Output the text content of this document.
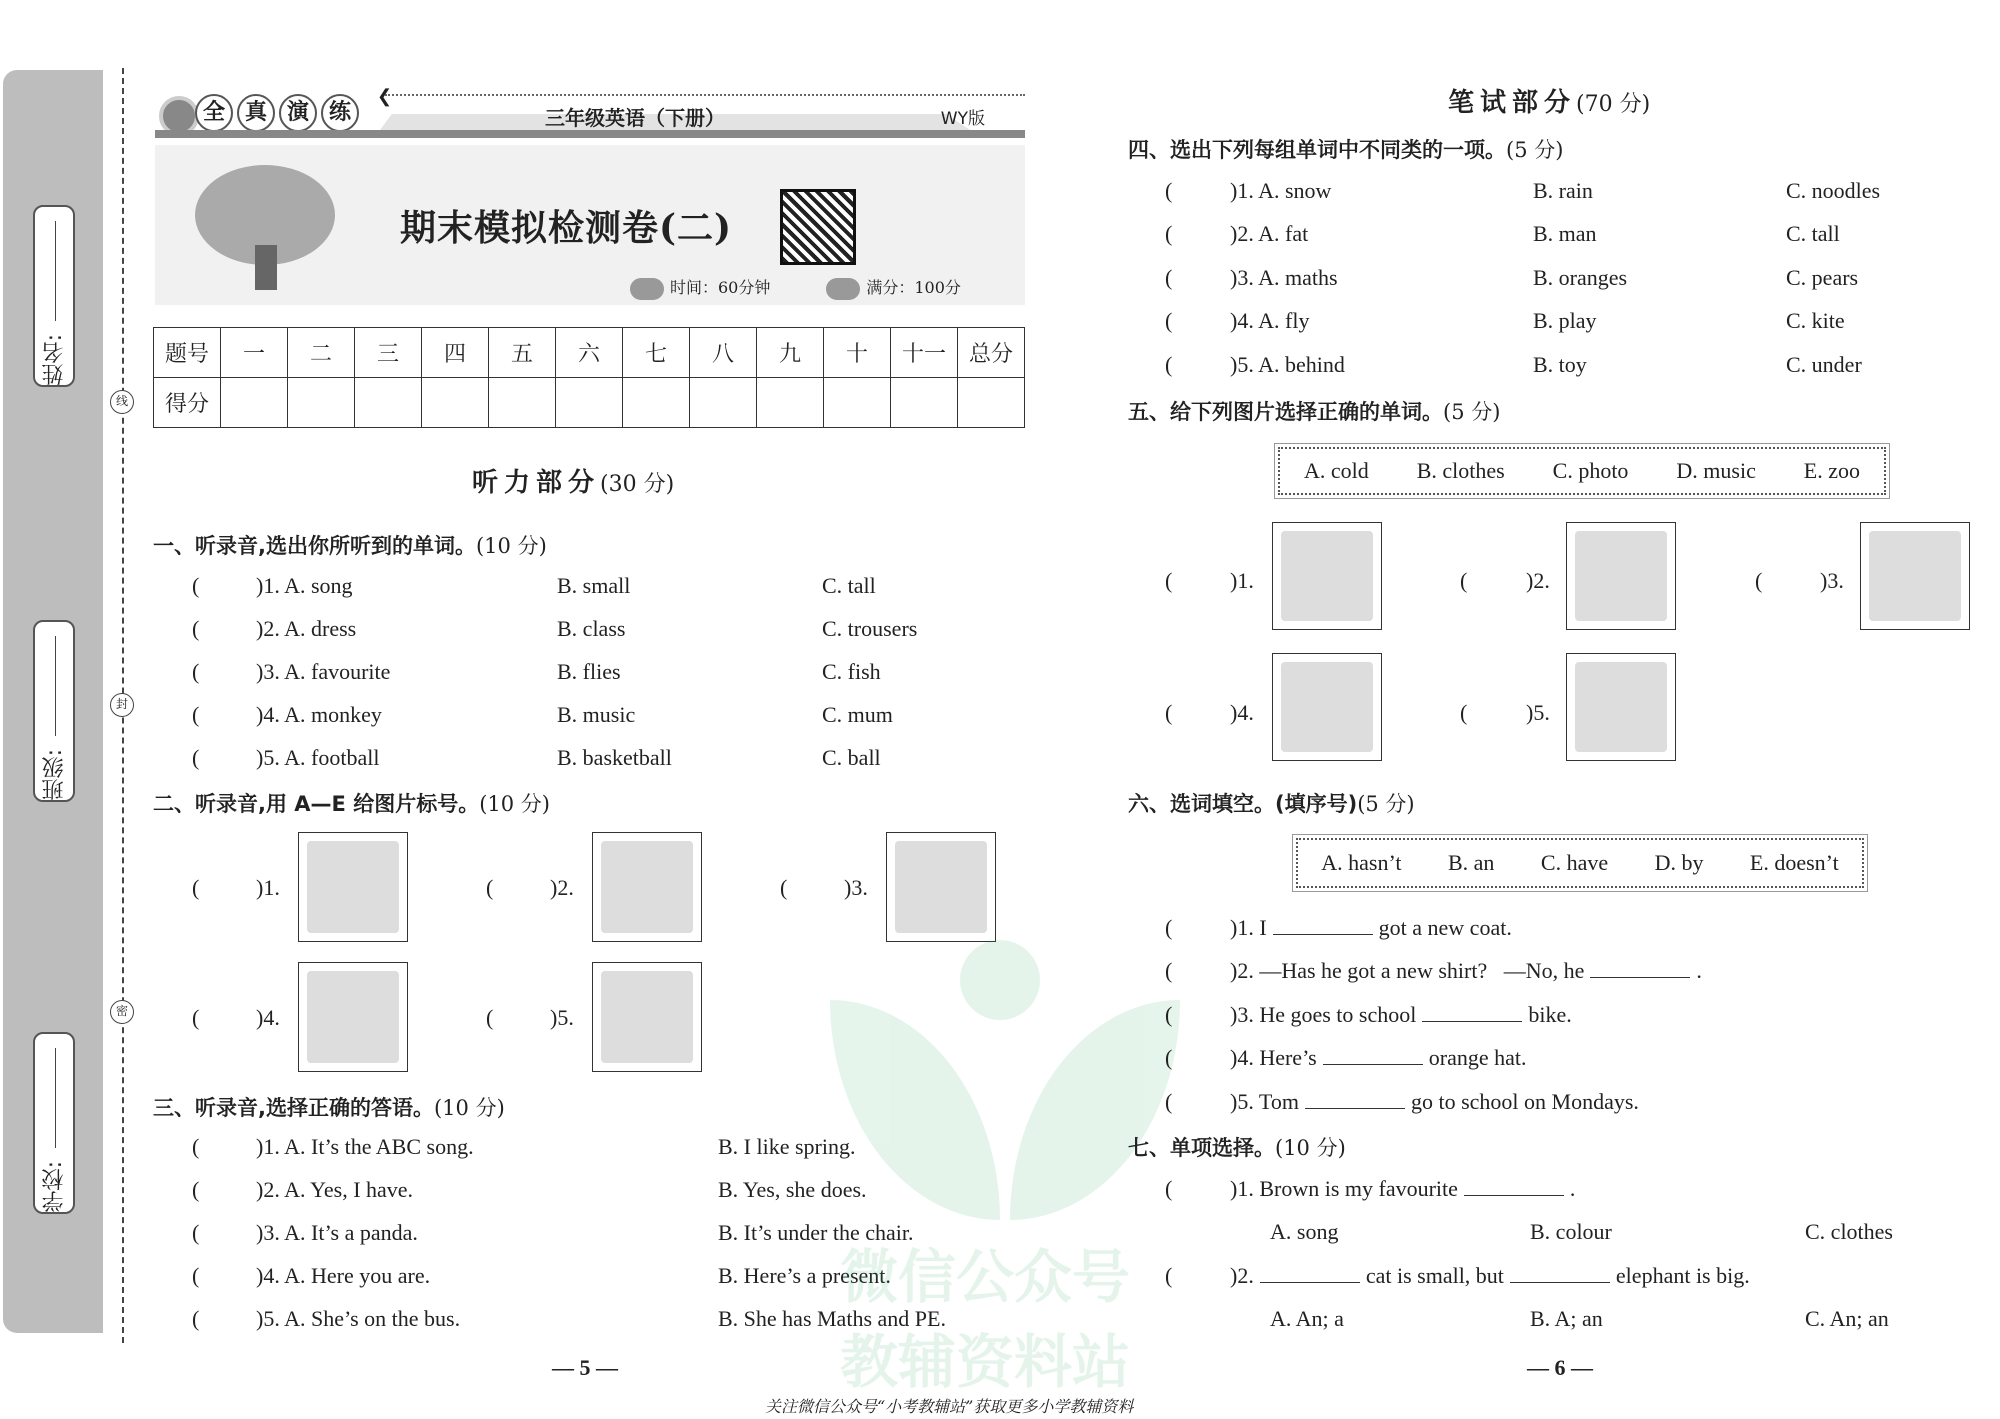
姓名:
班级:
学校:
线
封
密
全 真 演 练
❮
三年级英语（下册）	WY版
期末模拟检测卷(二)
时间：60分钟	满分：100分
题号	一	二	三	四	五	六	七	八	九	十	十一	总分
得分												
听力部分(30 分)
一、听录音,选出你所听到的单词。(10 分)
(	)1. A. song	B. small	C. tall
(	)2. A. dress	B. class	C. trousers
(	)3. A. favourite	B. flies	C. fish
(	)4. A. monkey	B. music	C. mum
(	)5. A. football	B. basketball	C. ball
二、听录音,用 A—E 给图片标号。(10 分)
(	)1.	(	)2.	(	)3.
(	)4.	(	)5.
三、听录音,选择正确的答语。(10 分)
(	)1. A. It’s the ABC song.	B. I like spring.
(	)2. A. Yes, I have.	B. Yes, she does.
(	)3. A. It’s a panda.	B. It’s under the chair.
(	)4. A. Here you are.	B. Here’s a present.
(	)5. A. She’s on the bus.	B. She has Maths and PE.
— 5 —
微信公众号
教辅资料站
笔试部分(70 分)
四、选出下列每组单词中不同类的一项。(5 分)
(	)1. A. snow	B. rain	C. noodles
(	)2. A. fat	B. man	C. tall
(	)3. A. maths	B. oranges	C. pears
(	)4. A. fly	B. play	C. kite
(	)5. A. behind	B. toy	C. under
五、给下列图片选择正确的单词。(5 分)
A. cold B. clothes C. photo D. music E. zoo
(	)1.	(	)2.	(	)3.
(	)4.	(	)5.
六、选词填空。(填序号)(5 分)
A. hasn’t B. an C. have D. by E. doesn’t
(	)1. I	got a new coat.
(	)2. —Has he got a new shirt?   —No, he	.
(	)3. He goes to school	bike.
(	)4. Here’s	orange hat.
(	)5. Tom	go to school on Mondays.
七、单项选择。(10 分)
(	)1. Brown is my favourite	.
A. song	B. colour	C. clothes
(	)2.	cat is small, but	elephant is big.
A. An; a	B. A; an	C. An; an
— 6 —
关注微信公众号“小考教辅站”获取更多小学教辅资料
